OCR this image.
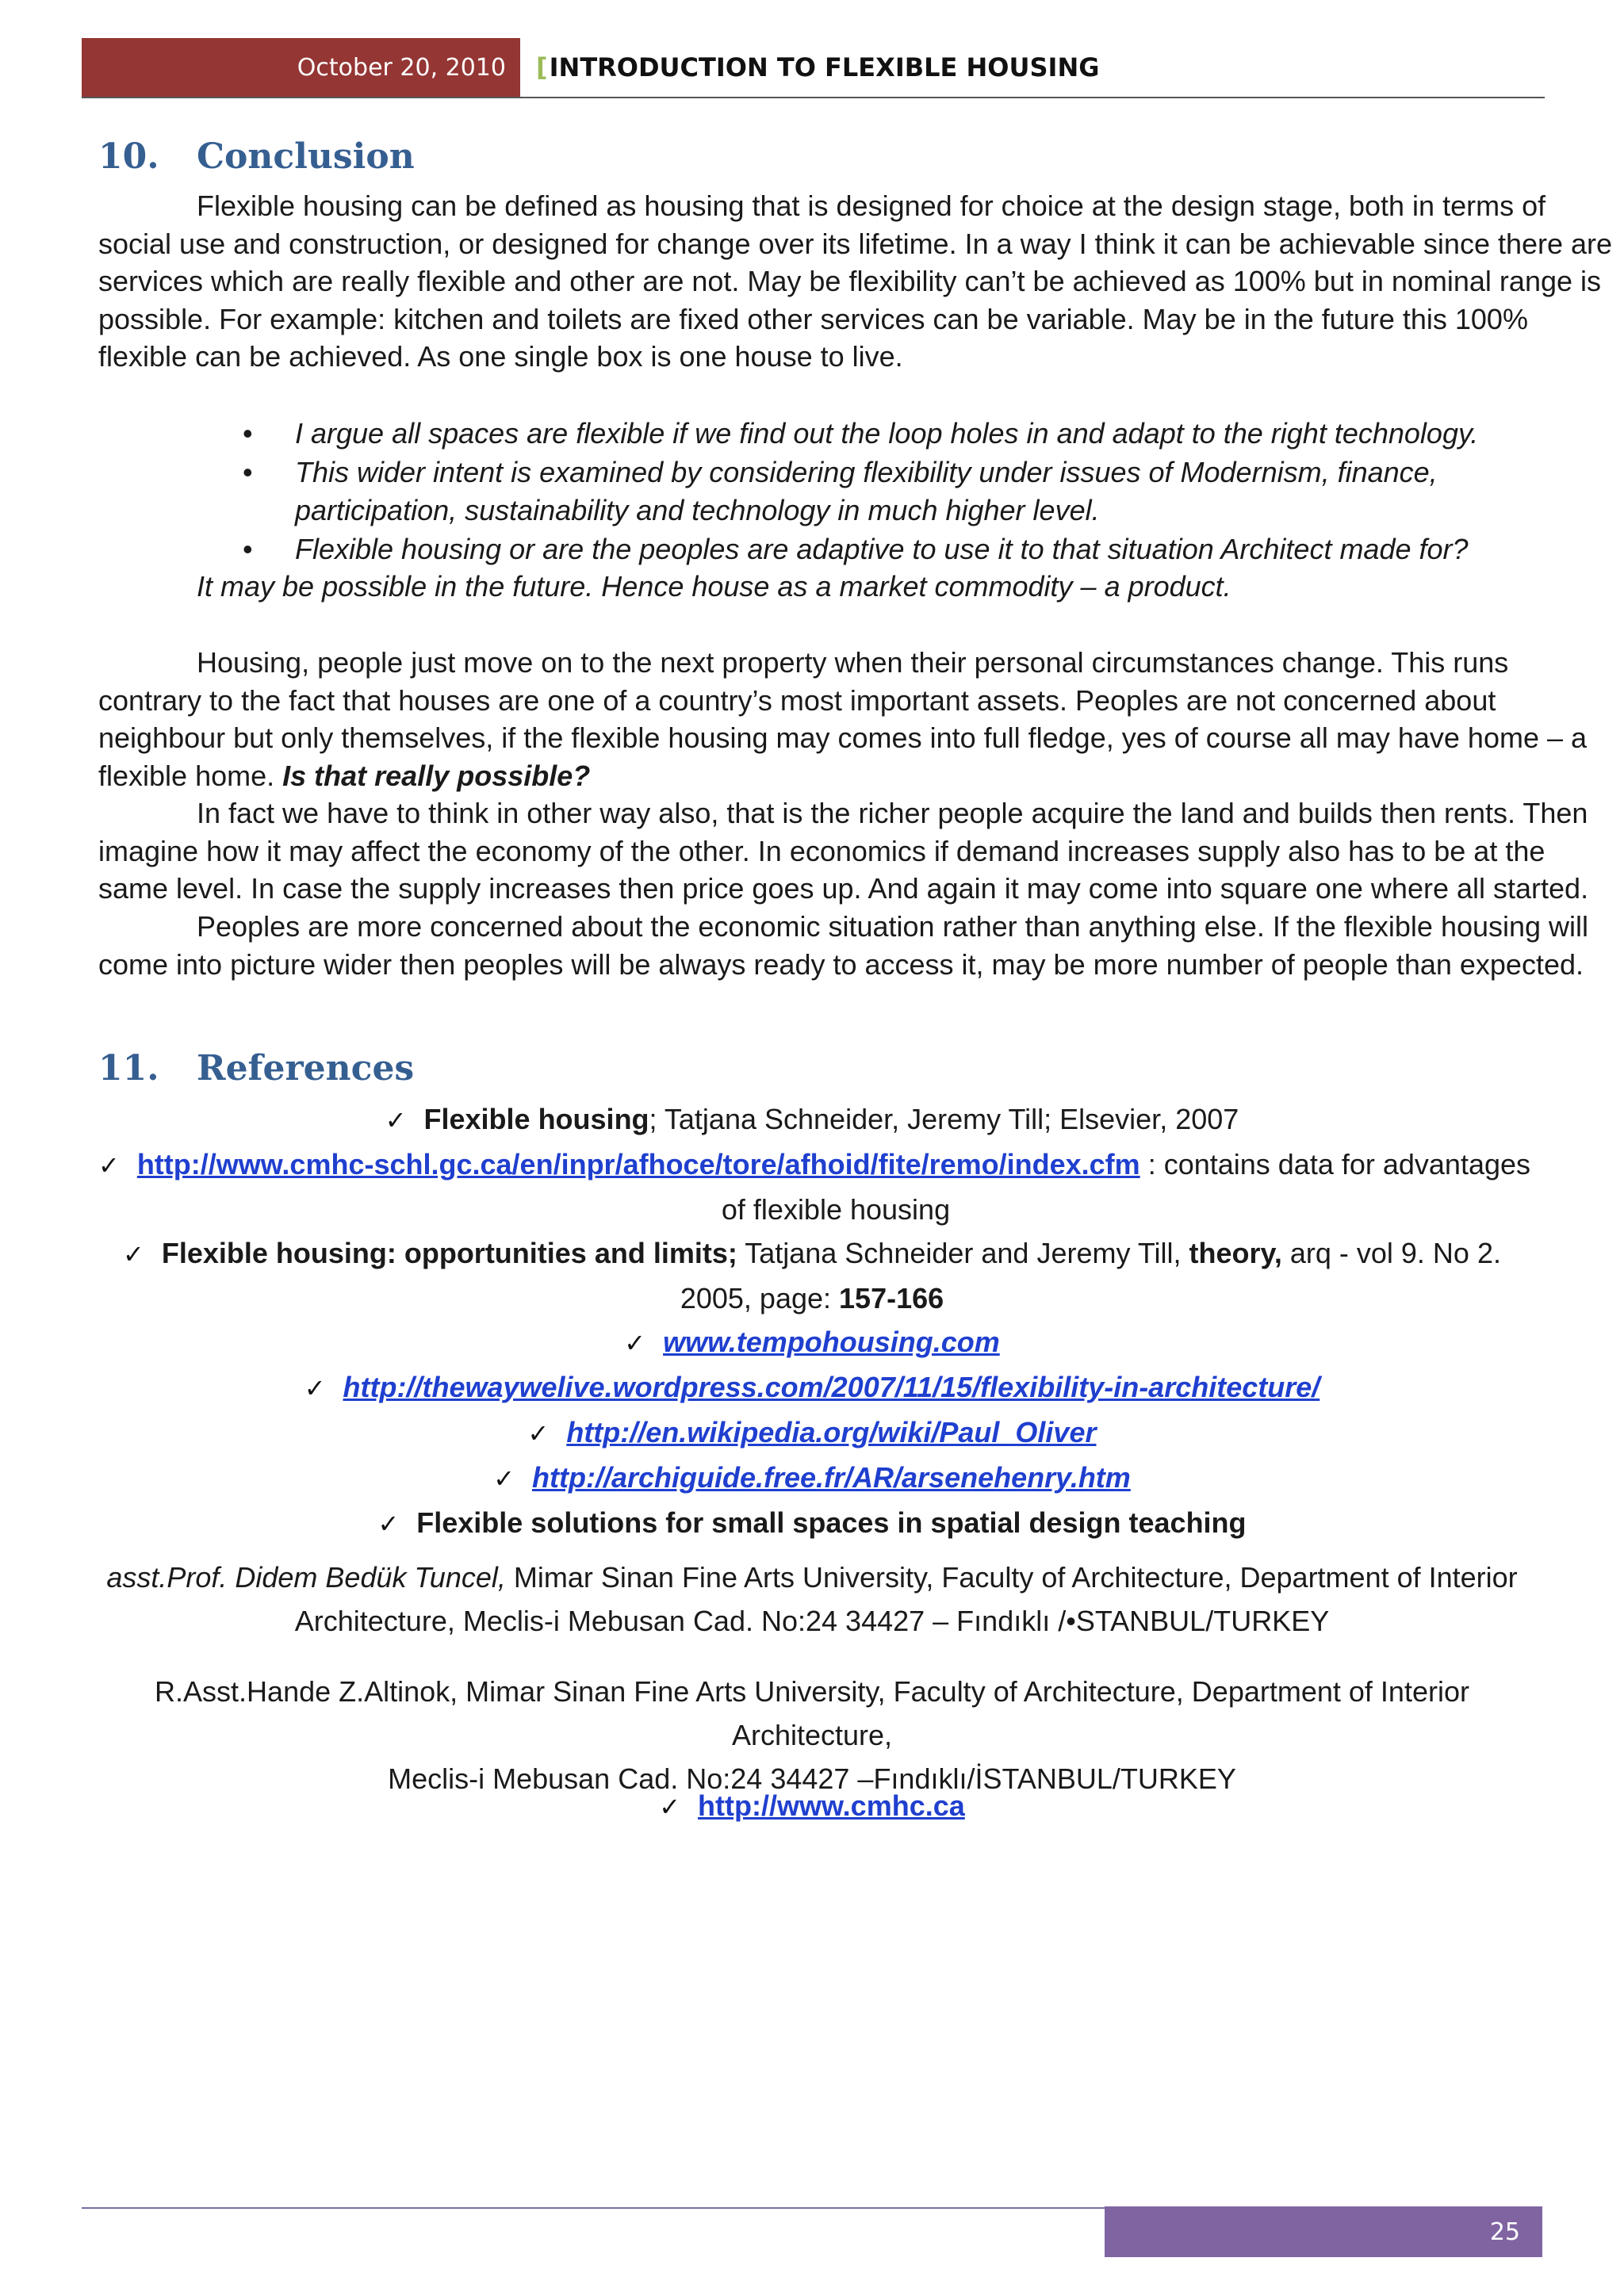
October 20, 2010 [ INTRODUCTION TO FLEXIBLE HOUSING
10.	Conclusion
Flexible housing can be defined as housing that is designed for choice at the design stage, both in terms of
social use and construction, or designed for change over its lifetime. In a way I think it can be achievable since there are
services which are really flexible and other are not. May be flexibility can’t be achieved as 100% but in nominal range is
possible. For example: kitchen and toilets are fixed other services can be variable. May be in the future this 100%
flexible can be achieved. As one single box is one house to live.
•	I argue all spaces are flexible if we find out the loop holes in and adapt to the right technology.
•	This wider intent is examined by considering flexibility under issues of Modernism, finance,
participation, sustainability and technology in much higher level.
•	Flexible housing or are the peoples are adaptive to use it to that situation Architect made for?
It may be possible in the future. Hence house as a market commodity – a product.
Housing, people just move on to the next property when their personal circumstances change. This runs
contrary to the fact that houses are one of a country’s most important assets. Peoples are not concerned about
neighbour but only themselves, if the flexible housing may comes into full fledge, yes of course all may have home – a
flexible home. Is that really possible?
In fact we have to think in other way also, that is the richer people acquire the land and builds then rents. Then
imagine how it may affect the economy of the other. In economics if demand increases supply also has to be at the
same level. In case the supply increases then price goes up. And again it may come into square one where all started.
Peoples are more concerned about the economic situation rather than anything else. If the flexible housing will
come into picture wider then peoples will be always ready to access it, may be more number of people than expected.
11.	References
✓ Flexible housing; Tatjana Schneider, Jeremy Till; Elsevier, 2007
✓ http://www.cmhc-schl.gc.ca/en/inpr/afhoce/tore/afhoid/fite/remo/index.cfm : contains data for advantages
of flexible housing
✓ Flexible housing: opportunities and limits; Tatjana Schneider and Jeremy Till, theory, arq - vol 9. No 2.
2005, page: 157-166
✓ www.tempohousing.com
✓ http://thewaywelive.wordpress.com/2007/11/15/flexibility-in-architecture/
✓ http://en.wikipedia.org/wiki/Paul_Oliver
✓ http://archiguide.free.fr/AR/arsenehenry.htm
✓ Flexible solutions for small spaces in spatial design teaching
asst.Prof. Didem Bedük Tuncel, Mimar Sinan Fine Arts University, Faculty of Architecture, Department of Interior
Architecture, Meclis-i Mebusan Cad. No:24 34427 – Fındıklı /•STANBUL/TURKEY
R.Asst.Hande Z.Altinok, Mimar Sinan Fine Arts University, Faculty of Architecture, Department of Interior Architecture,
Meclis-i Mebusan Cad. No:24 34427 –Fındıklı/İSTANBUL/TURKEY
✓ http://www.cmhc.ca
25
